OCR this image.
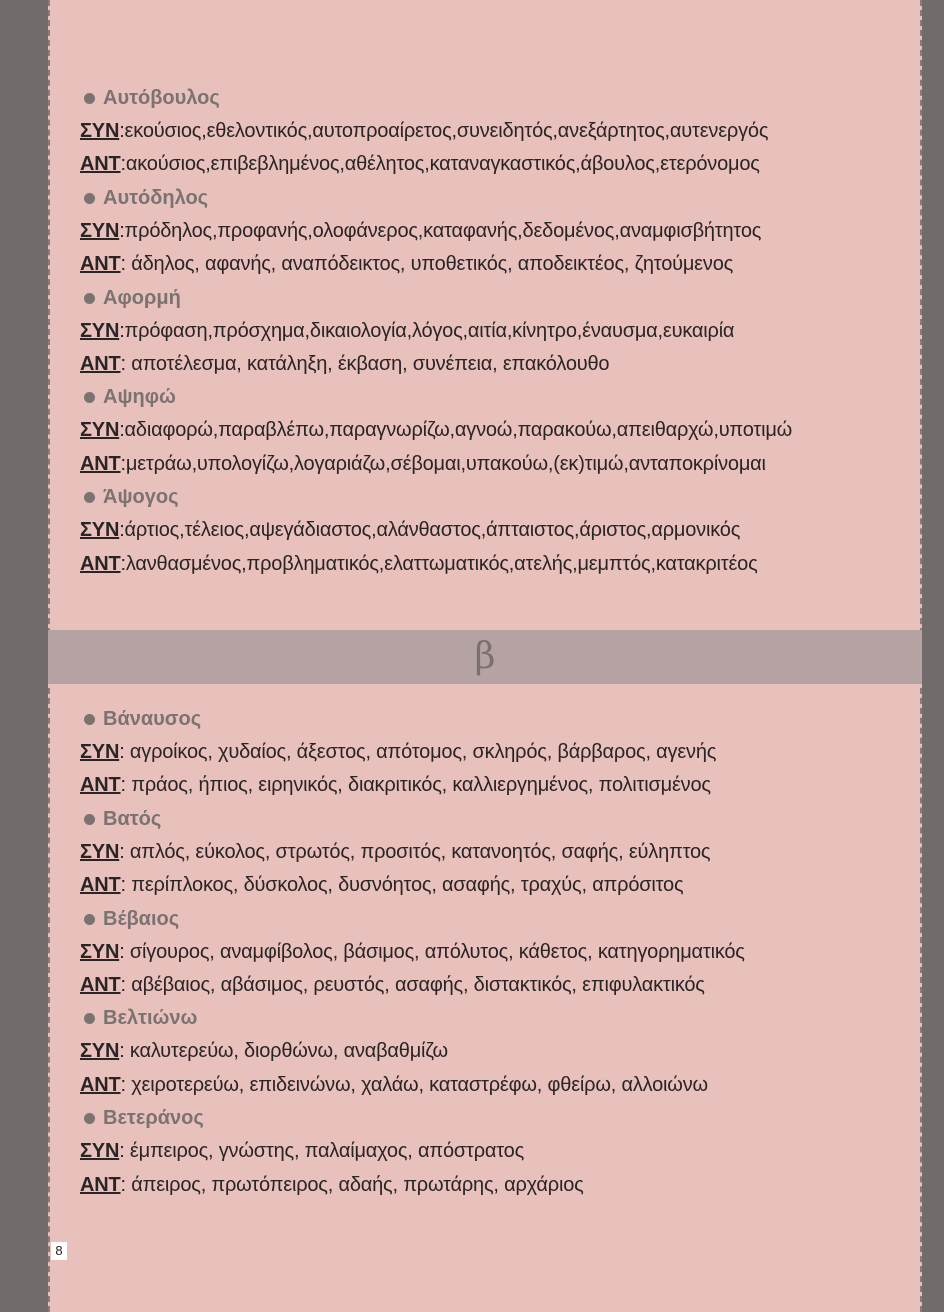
Αυτόβουλος
ΣΥΝ:εκούσιος,εθελοντικός,αυτοπροαίρετος,συνειδητός,ανεξάρτητος,αυτενεργός
ΑΝΤ:ακούσιος,επιβεβλημένος,αθέλητος,καταναγκαστικός,άβουλος,ετερόνομος
Αυτόδηλος
ΣΥΝ:πρόδηλος,προφανής,ολοφάνερος,καταφανής,δεδομένος,αναμφισβήτητος
ΑΝΤ: άδηλος, αφανής, αναπόδεικτος, υποθετικός, αποδεικτέος, ζητούμενος
Αφορμή
ΣΥΝ:πρόφαση,πρόσχημα,δικαιολογία,λόγος,αιτία,κίνητρο,έναυσμα,ευκαιρία
ΑΝΤ: αποτέλεσμα, κατάληξη, έκβαση, συνέπεια, επακόλουθο
Αψηφώ
ΣΥΝ:αδιαφορώ,παραβλέπω,παραγνωρίζω,αγνοώ,παρακούω,απειθαρχώ,υποτιμώ
ΑΝΤ:μετράω,υπολογίζω,λογαριάζω,σέβομαι,υπακούω,(εκ)τιμώ,ανταποκρίνομαι
Άψογος
ΣΥΝ:άρτιος,τέλειος,αψεγάδιαστος,αλάνθαστος,άπταιστος,άριστος,αρμονικός
ΑΝΤ:λανθασμένος,προβληματικός,ελαττωματικός,ατελής,μεμπτός,κατακριτέος
β
Βάναυσος
ΣΥΝ: αγροίκος, χυδαίος, άξεστος, απότομος, σκληρός, βάρβαρος, αγενής
ΑΝΤ: πράος, ήπιος, ειρηνικός, διακριτικός, καλλιεργημένος, πολιτισμένος
Βατός
ΣΥΝ: απλός, εύκολος, στρωτός, προσιτός, κατανοητός, σαφής, εύληπτος
ΑΝΤ: περίπλοκος, δύσκολος, δυσνόητος, ασαφής, τραχύς, απρόσιτος
Βέβαιος
ΣΥΝ: σίγουρος, αναμφίβολος, βάσιμος, απόλυτος, κάθετος, κατηγορηματικός
ΑΝΤ: αβέβαιος, αβάσιμος, ρευστός, ασαφής, διστακτικός, επιφυλακτικός
Βελτιώνω
ΣΥΝ: καλυτερεύω, διορθώνω, αναβαθμίζω
ΑΝΤ: χειροτερεύω, επιδεινώνω, χαλάω, καταστρέφω, φθείρω, αλλοιώνω
Βετεράνος
ΣΥΝ: έμπειρος, γνώστης, παλαίμαχος, απόστρατος
ΑΝΤ: άπειρος, πρωτόπειρος, αδαής, πρωτάρης, αρχάριος
8
